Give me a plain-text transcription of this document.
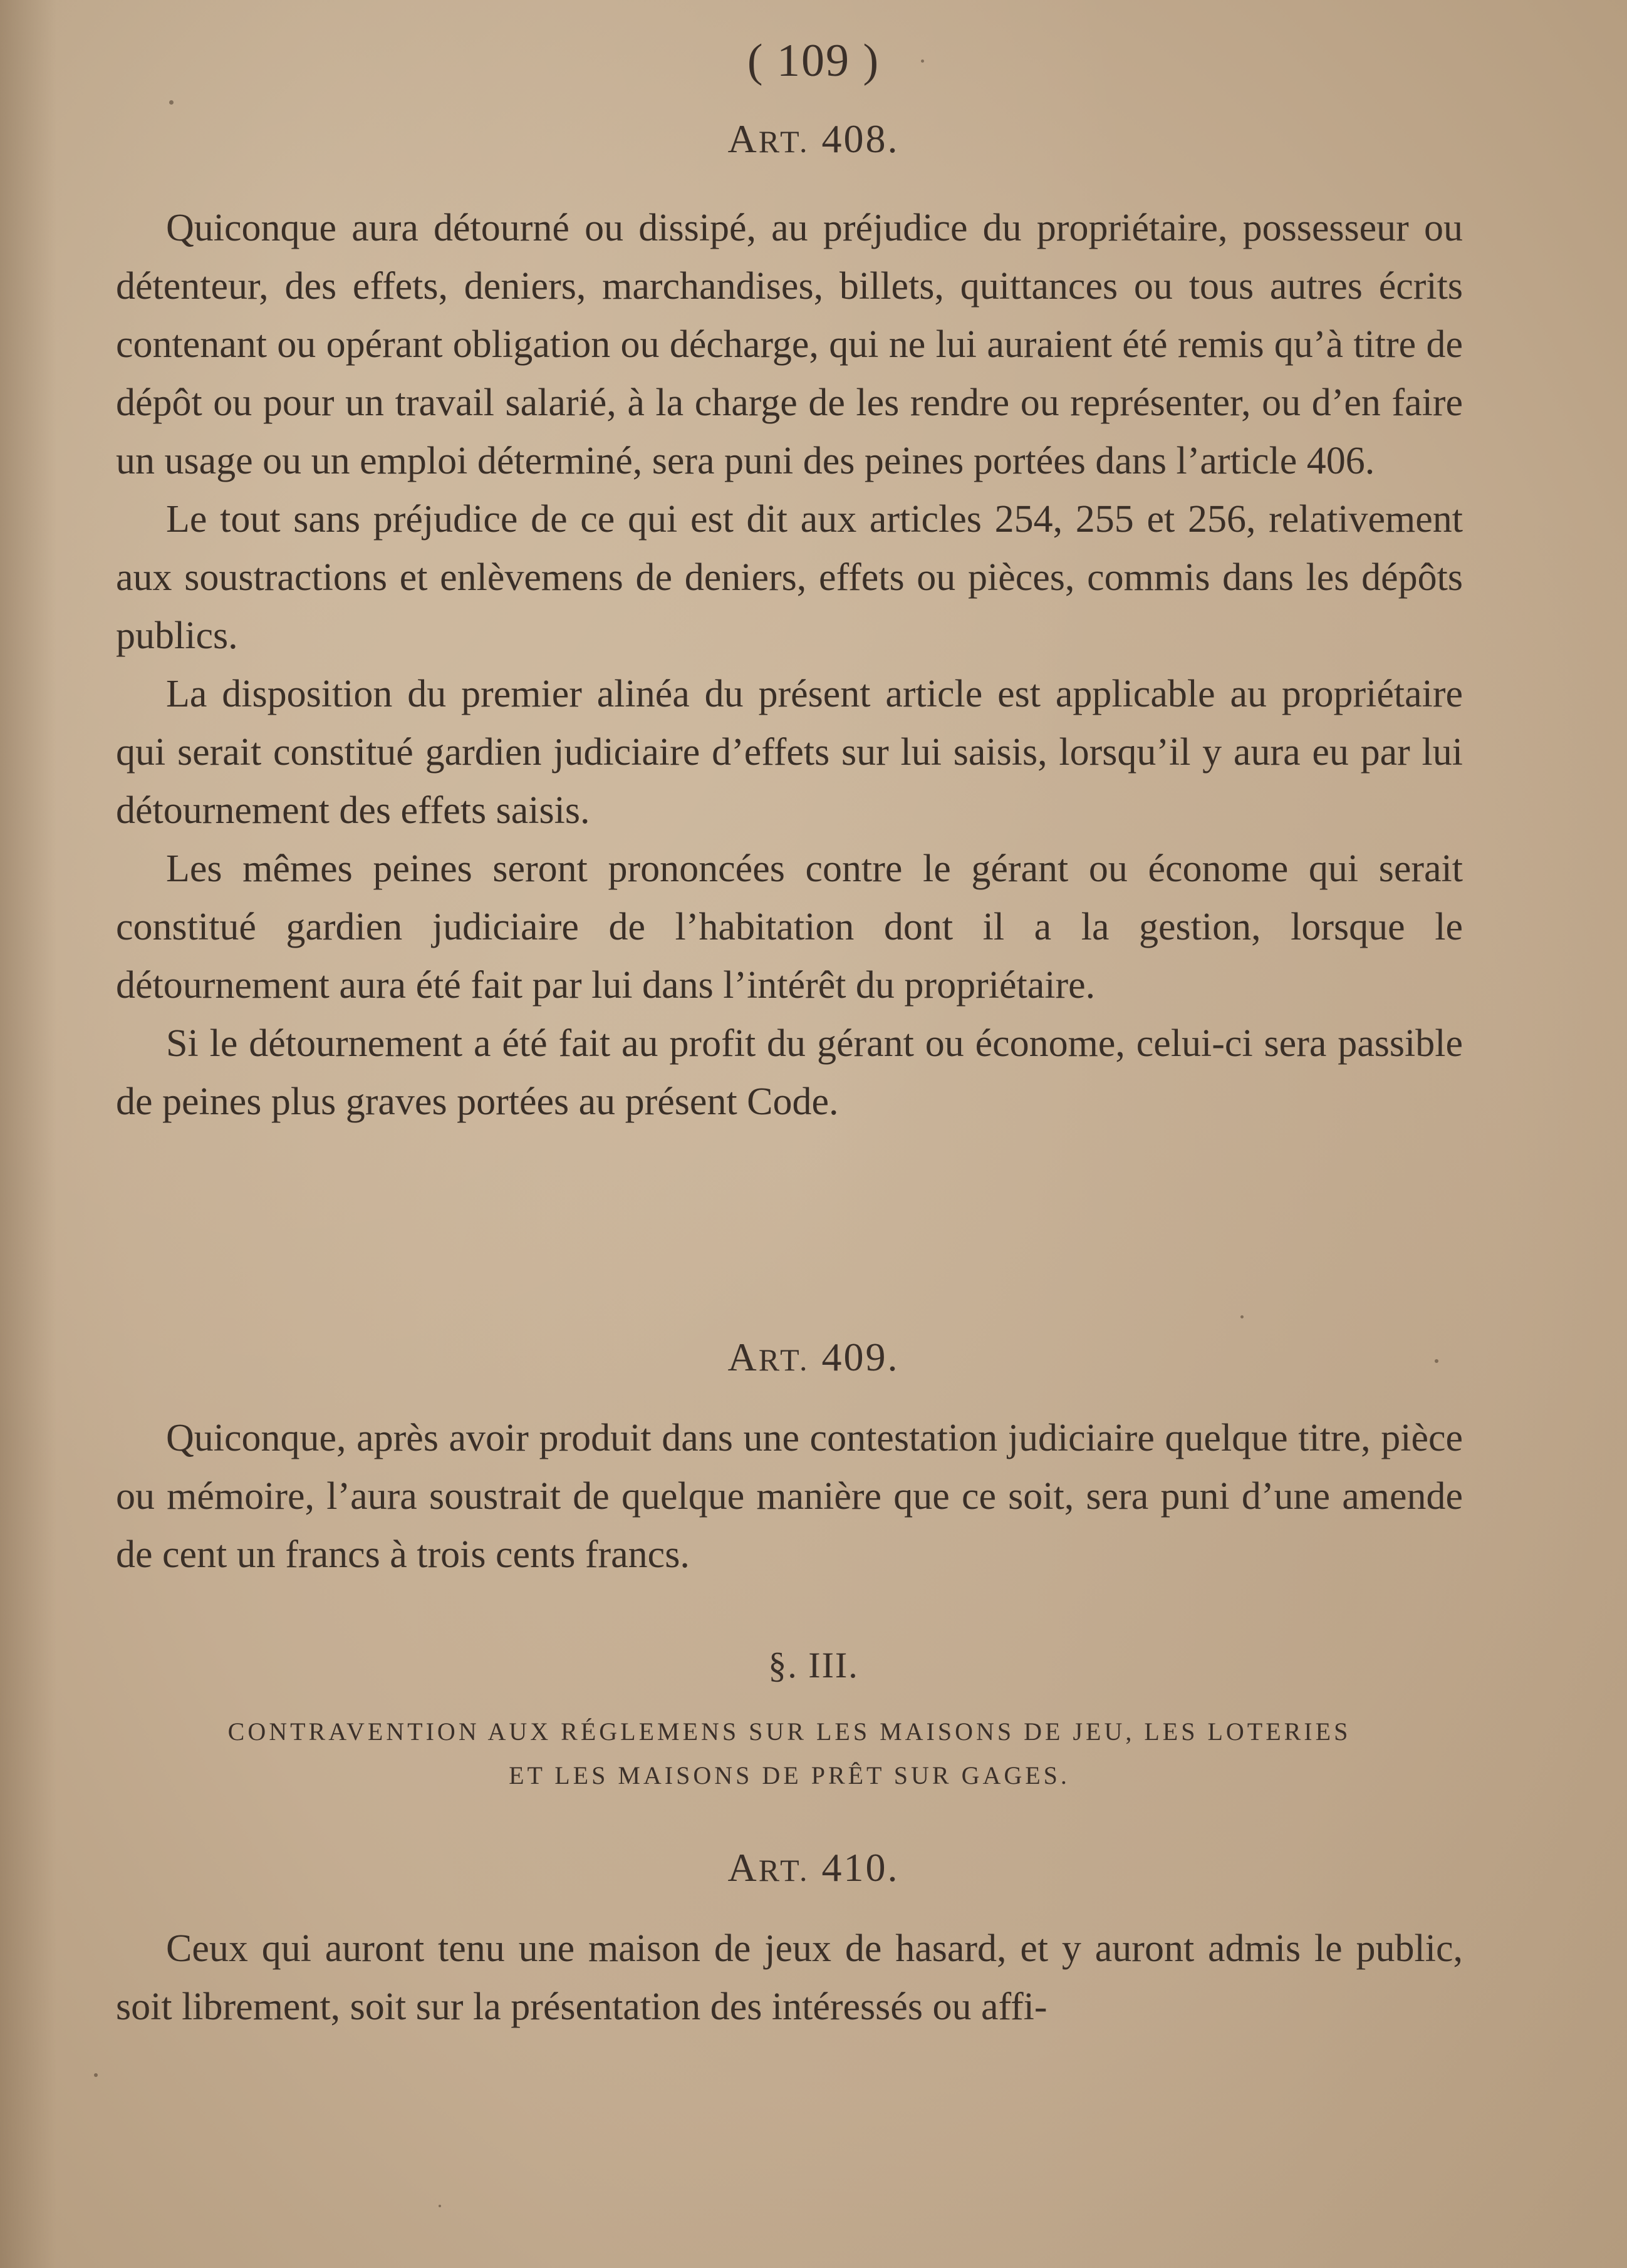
( 109 )
ART. 408.

Quiconque aura détourné ou dissipé, au préjudice du propriétaire, possesseur ou détenteur, des effets, deniers, marchandises, billets, quittances ou tous autres écrits contenant ou opérant obligation ou décharge, qui ne lui auraient été remis qu’à titre de dépôt ou pour un travail salarié, à la charge de les rendre ou représenter, ou d’en faire un usage ou un emploi déterminé, sera puni des peines portées dans l’article 406.

Le tout sans préjudice de ce qui est dit aux articles 254, 255 et 256, relativement aux soustractions et enlèvemens de deniers, effets ou pièces, commis dans les dépôts publics.

La disposition du premier alinéa du présent article est applicable au propriétaire qui serait constitué gardien judiciaire d’effets sur lui saisis, lorsqu’il y aura eu par lui détournement des effets saisis.

Les mêmes peines seront prononcées contre le gérant ou économe qui serait constitué gardien judiciaire de l’habitation dont il a la gestion, lorsque le détournement aura été fait par lui dans l’intérêt du propriétaire.

Si le détournement a été fait au profit du gérant ou économe, celui-ci sera passible de peines plus graves portées au présent Code.

ART. 409.

Quiconque, après avoir produit dans une contestation judiciaire quelque titre, pièce ou mémoire, l’aura soustrait de quelque manière que ce soit, sera puni d’une amende de cent un francs à trois cents francs.

§. III.
CONTRAVENTION AUX RÉGLEMENS SUR LES MAISONS DE JEU, LES LOTERIES
ET LES MAISONS DE PRÊT SUR GAGES.
ART. 410.

Ceux qui auront tenu une maison de jeux de hasard, et y auront admis le public, soit librement, soit sur la présentation des intéressés ou affi-
